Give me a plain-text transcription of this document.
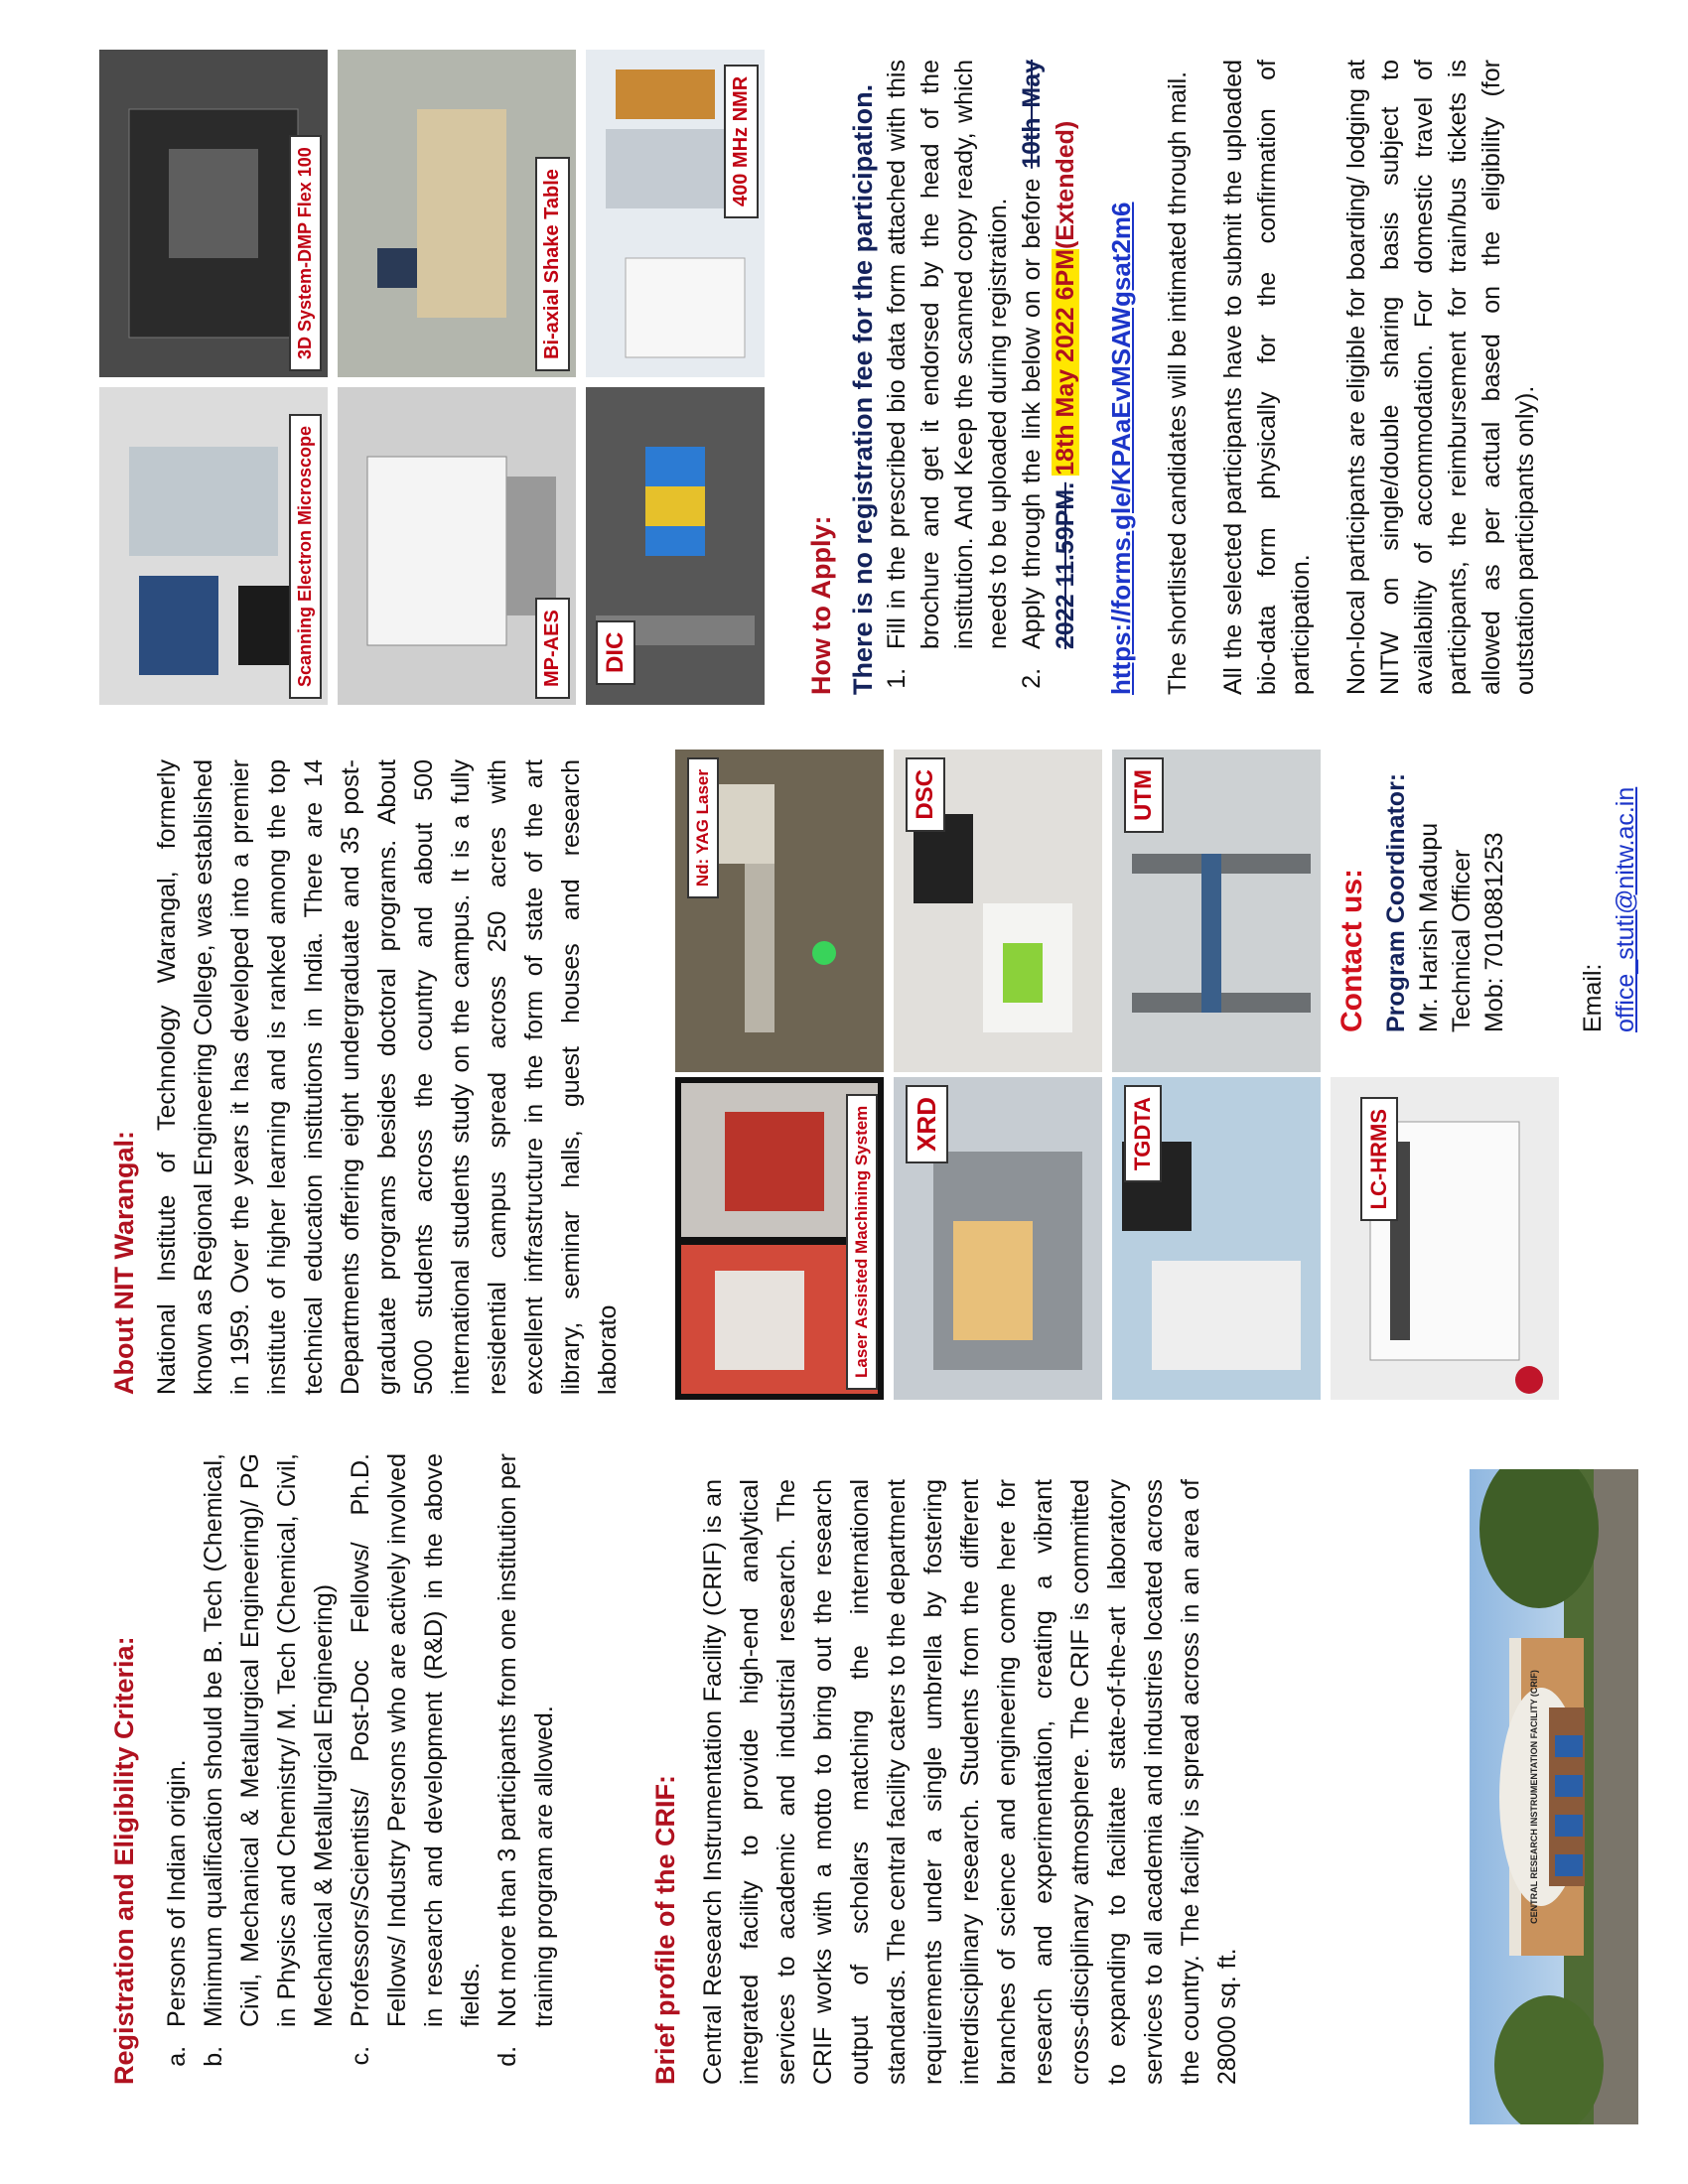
Registration and Eligibility Criteria: a. Persons of Indian origin. b. Minimum qualification should be B. Tech (Chemical, Civil, Mechanical & Metallurgical Engineering)/ PG in Physics and Chemistry/ M. Tech (Chemical, Civil, Mechanical & Metallurgical Engineering) c. Professors/Scientists/ Post-Doc Fellows/ Ph.D. Fellows/ Industry Persons who are actively involved in research and development (R&D) in the above fields. d. Not more than 3 participants from one institution per training program are allowed.	Brief profile of the CRIF: Central Research Instrumentation Facility (CRIF) is an integrated facility to provide high-end analytical services to academic and industrial research. The CRIF works with a motto to bring out the research output of scholars matching the international standards. The central facility caters to the department requirements under a single umbrella by fostering interdisciplinary research. Students from the different branches of science and engineering come here for research and experimentation, creating a vibrant cross-disciplinary atmosphere. The CRIF is committed to expanding to facilitate state-of-the-art laboratory services to all academia and industries located across the country. The facility is spread across in an area of 28000 sq. ft.

CENTRAL RESEARCH INSTRUMENTATION FACILITY (CRIF)
About NIT Warangal: National Institute of Technology Warangal, formerly known as Regional Engineering College, was established in 1959. Over the years it has developed into a premier institute of higher learning and is ranked among the top technical education institutions in India. There are 14 Departments offering eight undergraduate and 35 post-graduate programs besides doctoral programs. About 5000 students across the country and about 500 international students study on the campus. It is a fully residential campus spread across 250 acres with excellent infrastructure in the form of state of the art library, seminar halls, guest houses and research laborato	Laser Assisted Machining System
Nd: YAG Laser
XRD
DSC
TGDTA
UTM
LC-HRMS
Contact us: Program Coordinator: Mr. Harish Madupu Technical Officer Mob: 7010881253	Email: office_stuti@nitw.ac.in
Scanning Electron Microscope
3D System-DMP Flex 100
MP-AES
Bi-axial Shake Table
DIC
400 MHz NMR
How to Apply: There is no registration fee for the participation. 1. Fill in the prescribed bio data form attached with this brochure and get it endorsed by the head of the institution. And Keep the scanned copy ready, which needs to be uploaded during registration. 2. Apply through the link below on or before 10th May 2022 11.59PM. 18th May 2022 6PM(Extended)
https://forms.gle/KPAaEvMSAWgsat2m6 The shortlisted candidates will be intimated through mail. All the selected participants have to submit the uploaded bio-data form physically for the confirmation of participation. Non-local participants are eligible for boarding/ lodging at NITW on single/double sharing basis subject to availability of accommodation. For domestic travel of participants, the reimbursement for train/bus tickets is allowed as per actual based on the eligibility (for outstation participants only).
